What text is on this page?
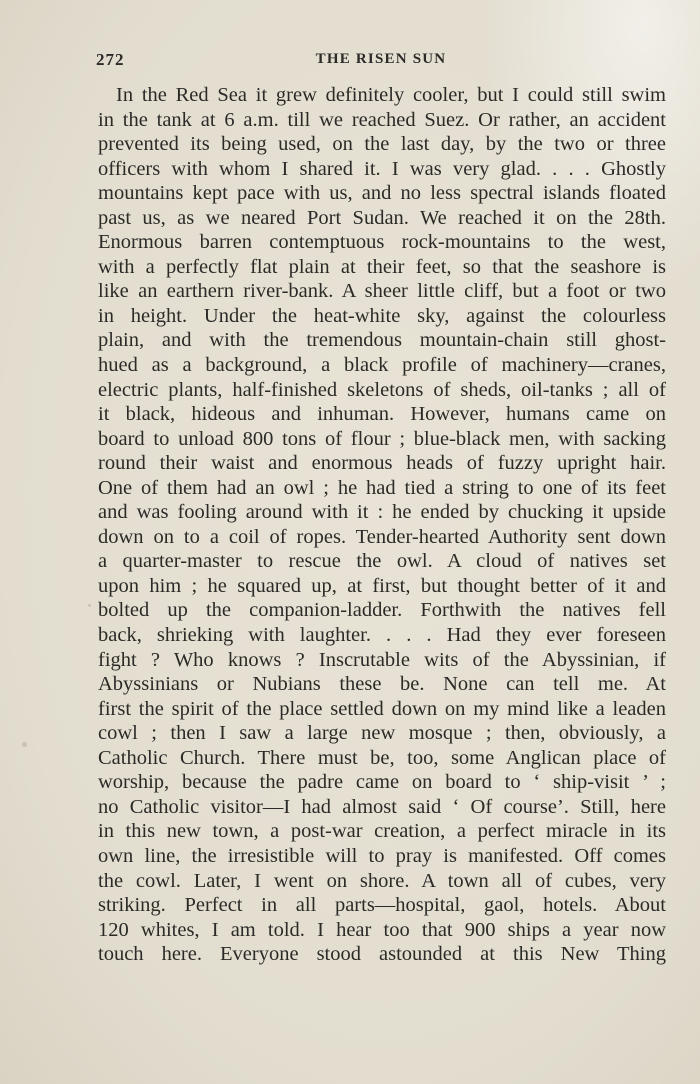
272	THE RISEN SUN
In the Red Sea it grew definitely cooler, but I could still swim
in the tank at 6 a.m. till we reached Suez. Or rather, an accident
prevented its being used, on the last day, by the two or three
officers with whom I shared it. I was very glad. . . . Ghostly
mountains kept pace with us, and no less spectral islands floated
past us, as we neared Port Sudan. We reached it on the 28th.
Enormous barren contemptuous rock-mountains to the west,
with a perfectly flat plain at their feet, so that the seashore is
like an earthern river-bank. A sheer little cliff, but a foot or two
in height. Under the heat-white sky, against the colourless
plain, and with the tremendous mountain-chain still ghost-
hued as a background, a black profile of machinery—cranes,
electric plants, half-finished skeletons of sheds, oil-tanks ; all of
it black, hideous and inhuman. However, humans came on
board to unload 800 tons of flour ; blue-black men, with sacking
round their waist and enormous heads of fuzzy upright hair.
One of them had an owl ; he had tied a string to one of its feet
and was fooling around with it : he ended by chucking it upside
down on to a coil of ropes. Tender-hearted Authority sent down
a quarter-master to rescue the owl. A cloud of natives set
upon him ; he squared up, at first, but thought better of it and
bolted up the companion-ladder. Forthwith the natives fell
back, shrieking with laughter. . . . Had they ever foreseen
fight ? Who knows ? Inscrutable wits of the Abyssinian, if
Abyssinians or Nubians these be. None can tell me. At
first the spirit of the place settled down on my mind like a leaden
cowl ; then I saw a large new mosque ; then, obviously, a
Catholic Church. There must be, too, some Anglican place of
worship, because the padre came on board to ‘ ship-visit ’ ;
no Catholic visitor—I had almost said ‘ Of course’. Still, here
in this new town, a post-war creation, a perfect miracle in its
own line, the irresistible will to pray is manifested. Off comes
the cowl. Later, I went on shore. A town all of cubes, very
striking. Perfect in all parts—hospital, gaol, hotels. About
120 whites, I am told. I hear too that 900 ships a year now
touch here. Everyone stood astounded at this New Thing
